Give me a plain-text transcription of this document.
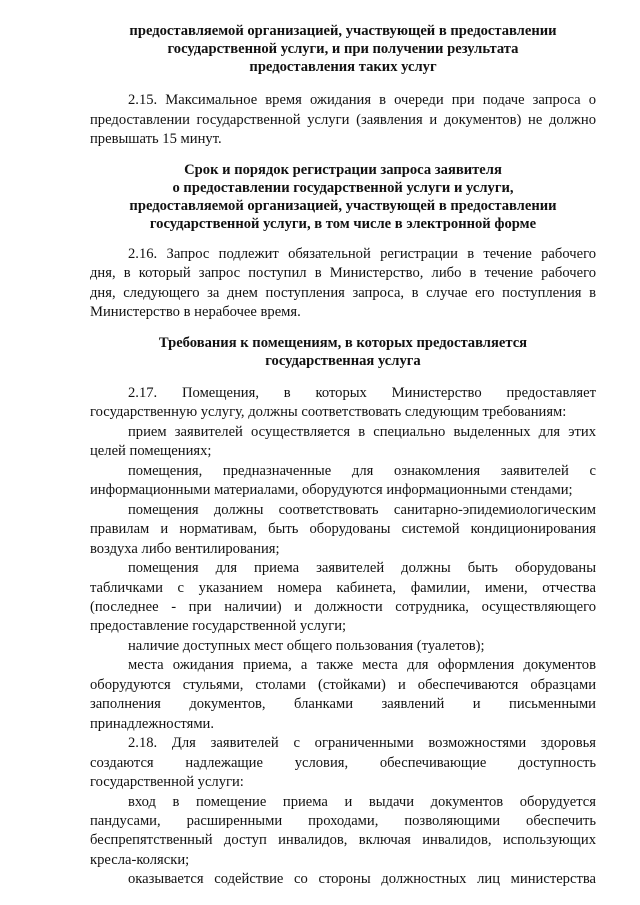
предоставляемой организацией, участвующей в предоставлении
государственной услуги, и при получении результата
предоставления таких услуг
2.15. Максимальное время ожидания в очереди при подаче запроса о
предоставлении государственной услуги (заявления и документов) не должно
превышать 15 минут.
Срок и порядок регистрации запроса заявителя
о предоставлении государственной услуги и услуги,
предоставляемой организацией, участвующей в предоставлении
государственной услуги, в том числе в электронной форме
2.16. Запрос подлежит обязательной регистрации в течение рабочего
дня, в который запрос поступил в Министерство, либо в течение рабочего
дня, следующего за днем поступления запроса, в случае его поступления в
Министерство в нерабочее время.
Требования к помещениям, в которых предоставляется
государственная услуга
2.17. Помещения, в которых Министерство предоставляет
государственную услугу, должны соответствовать следующим требованиям:
прием заявителей осуществляется в специально выделенных для этих
целей помещениях;
помещения, предназначенные для ознакомления заявителей с
информационными материалами, оборудуются информационными стендами;
помещения должны соответствовать санитарно-эпидемиологическим
правилам и нормативам, быть оборудованы системой кондиционирования
воздуха либо вентилирования;
помещения для приема заявителей должны быть оборудованы
табличками с указанием номера кабинета, фамилии, имени, отчества
(последнее - при наличии) и должности сотрудника, осуществляющего
предоставление государственной услуги;
наличие доступных мест общего пользования (туалетов);
места ожидания приема, а также места для оформления документов
оборудуются стульями, столами (стойками) и обеспечиваются образцами
заполнения документов, бланками заявлений и письменными
принадлежностями.
2.18. Для заявителей с ограниченными возможностями здоровья
создаются надлежащие условия, обеспечивающие доступность
государственной услуги:
вход в помещение приема и выдачи документов оборудуется
пандусами, расширенными проходами, позволяющими обеспечить
беспрепятственный доступ инвалидов, включая инвалидов, использующих
кресла-коляски;
оказывается содействие со стороны должностных лиц министерства
